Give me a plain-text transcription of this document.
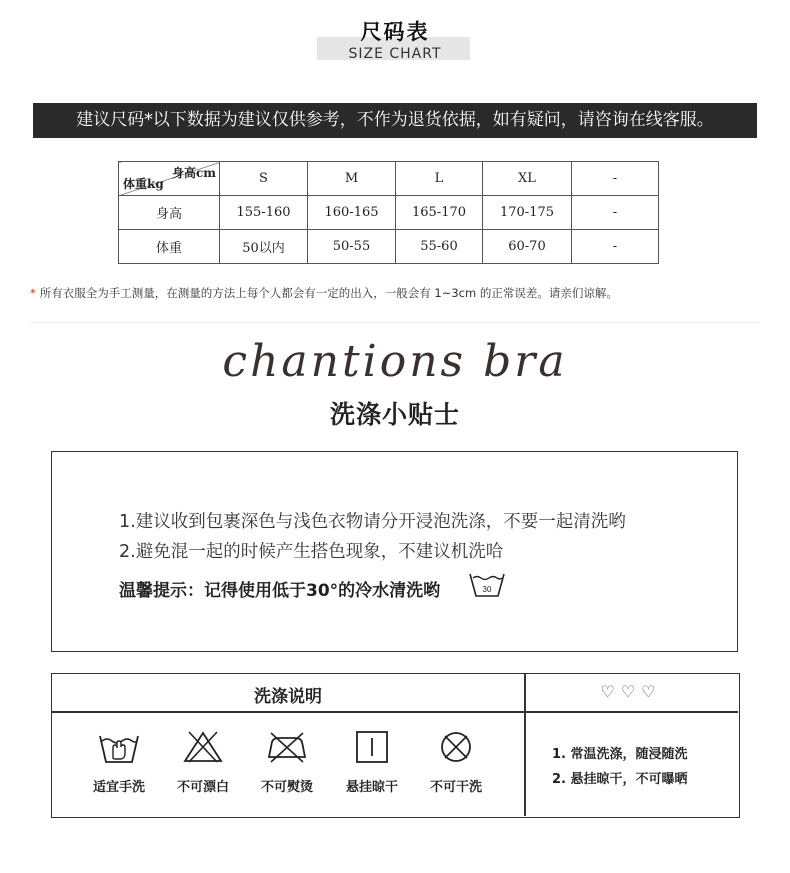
尺码表
SIZE CHART
建议尺码*以下数据为建议仅供参考，不作为退货依据，如有疑问，请咨询在线客服。
身高cm
体重kg	S	M	L	XL	-
身高	155-160	160-165	165-170	170-175	-
体重	50以内	50-55	55-60	60-70	-
* 所有衣服全为手工测量，在测量的方法上每个人都会有一定的出入，一般会有 1~3cm 的正常误差。请亲们谅解。
chantions bra
洗涤小贴士
1.建议收到包裹深色与浅色衣物请分开浸泡洗涤，不要一起清洗哟
2.避免混一起的时候产生搭色现象，不建议机洗哈
温馨提示：记得使用低于30°的冷水清洗哟	30
洗涤说明	♡♡♡
适宜手洗	不可漂白	不可熨烫	悬挂晾干	不可干洗
1. 常温洗涤，随浸随洗
2. 悬挂晾干，不可曝晒
